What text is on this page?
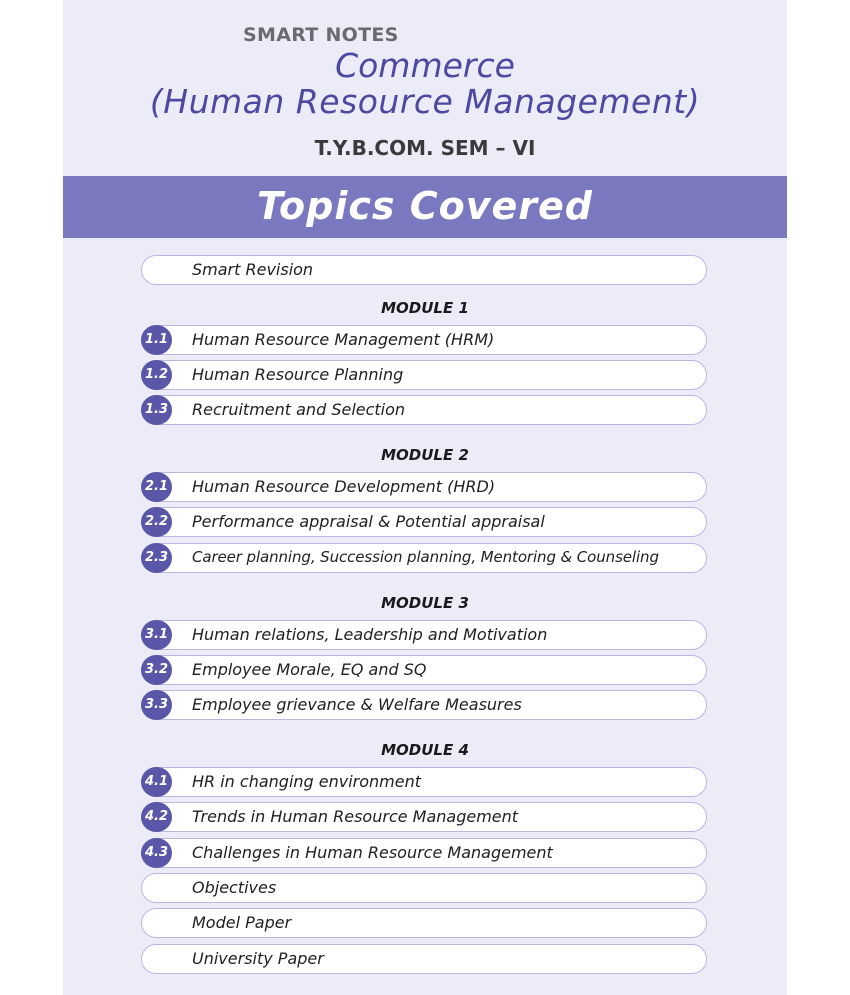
SMART NOTES
Commerce
(Human Resource Management)
T.Y.B.COM. SEM – VI
Topics Covered
Smart Revision
MODULE 1
1.1 Human Resource Management (HRM)
1.2 Human Resource Planning
1.3 Recruitment and Selection
MODULE 2
2.1 Human Resource Development (HRD)
2.2 Performance appraisal & Potential appraisal
2.3 Career planning, Succession planning, Mentoring & Counseling
MODULE 3
3.1 Human relations, Leadership and Motivation
3.2 Employee Morale, EQ and SQ
3.3 Employee grievance & Welfare Measures
MODULE 4
4.1 HR in changing environment
4.2 Trends in Human Resource Management
4.3 Challenges in Human Resource Management
Objectives
Model Paper
University Paper
